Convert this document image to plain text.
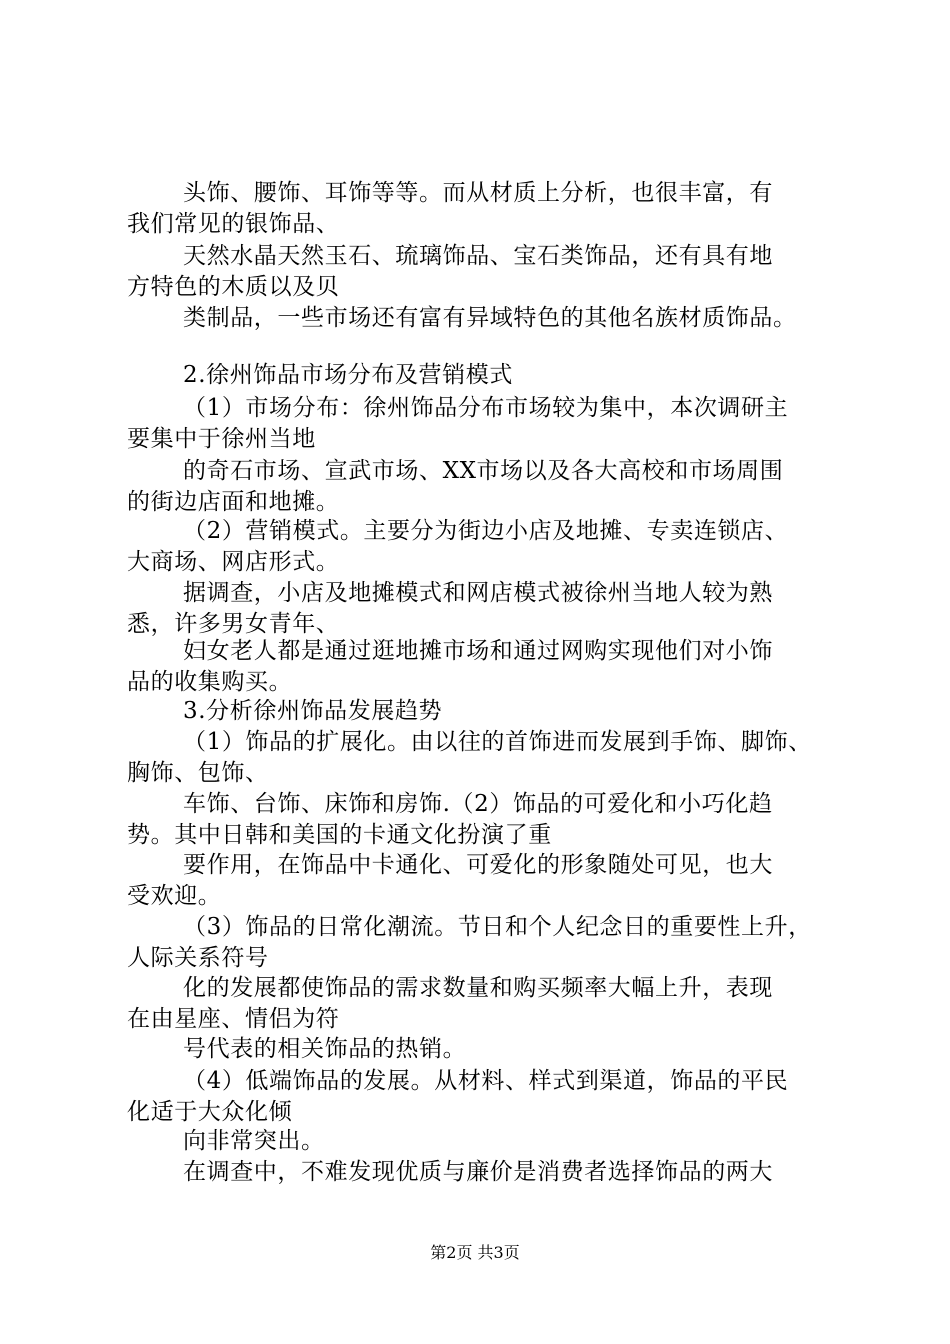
头饰、腰饰、耳饰等等。而从材质上分析，也很丰富，有
我们常见的银饰品、
天然水晶天然玉石、琉璃饰品、宝石类饰品，还有具有地
方特色的木质以及贝
类制品，一些市场还有富有异域特色的其他名族材质饰品。
2.徐州饰品市场分布及营销模式
（1）市场分布：徐州饰品分布市场较为集中，本次调研主
要集中于徐州当地
的奇石市场、宣武市场、XX市场以及各大高校和市场周围
的街边店面和地摊。
（2）营销模式。主要分为街边小店及地摊、专卖连锁店、
大商场、网店形式。
据调查，小店及地摊模式和网店模式被徐州当地人较为熟
悉，许多男女青年、
妇女老人都是通过逛地摊市场和通过网购实现他们对小饰
品的收集购买。
3.分析徐州饰品发展趋势
（1）饰品的扩展化。由以往的首饰进而发展到手饰、脚饰、
胸饰、包饰、
车饰、台饰、床饰和房饰.（2）饰品的可爱化和小巧化趋
势。其中日韩和美国的卡通文化扮演了重
要作用，在饰品中卡通化、可爱化的形象随处可见，也大
受欢迎。
（3）饰品的日常化潮流。节日和个人纪念日的重要性上升，
人际关系符号
化的发展都使饰品的需求数量和购买频率大幅上升，表现
在由星座、情侣为符
号代表的相关饰品的热销。
（4）低端饰品的发展。从材料、样式到渠道，饰品的平民
化适于大众化倾
向非常突出。
在调查中，不难发现优质与廉价是消费者选择饰品的两大
第2页 共3页
